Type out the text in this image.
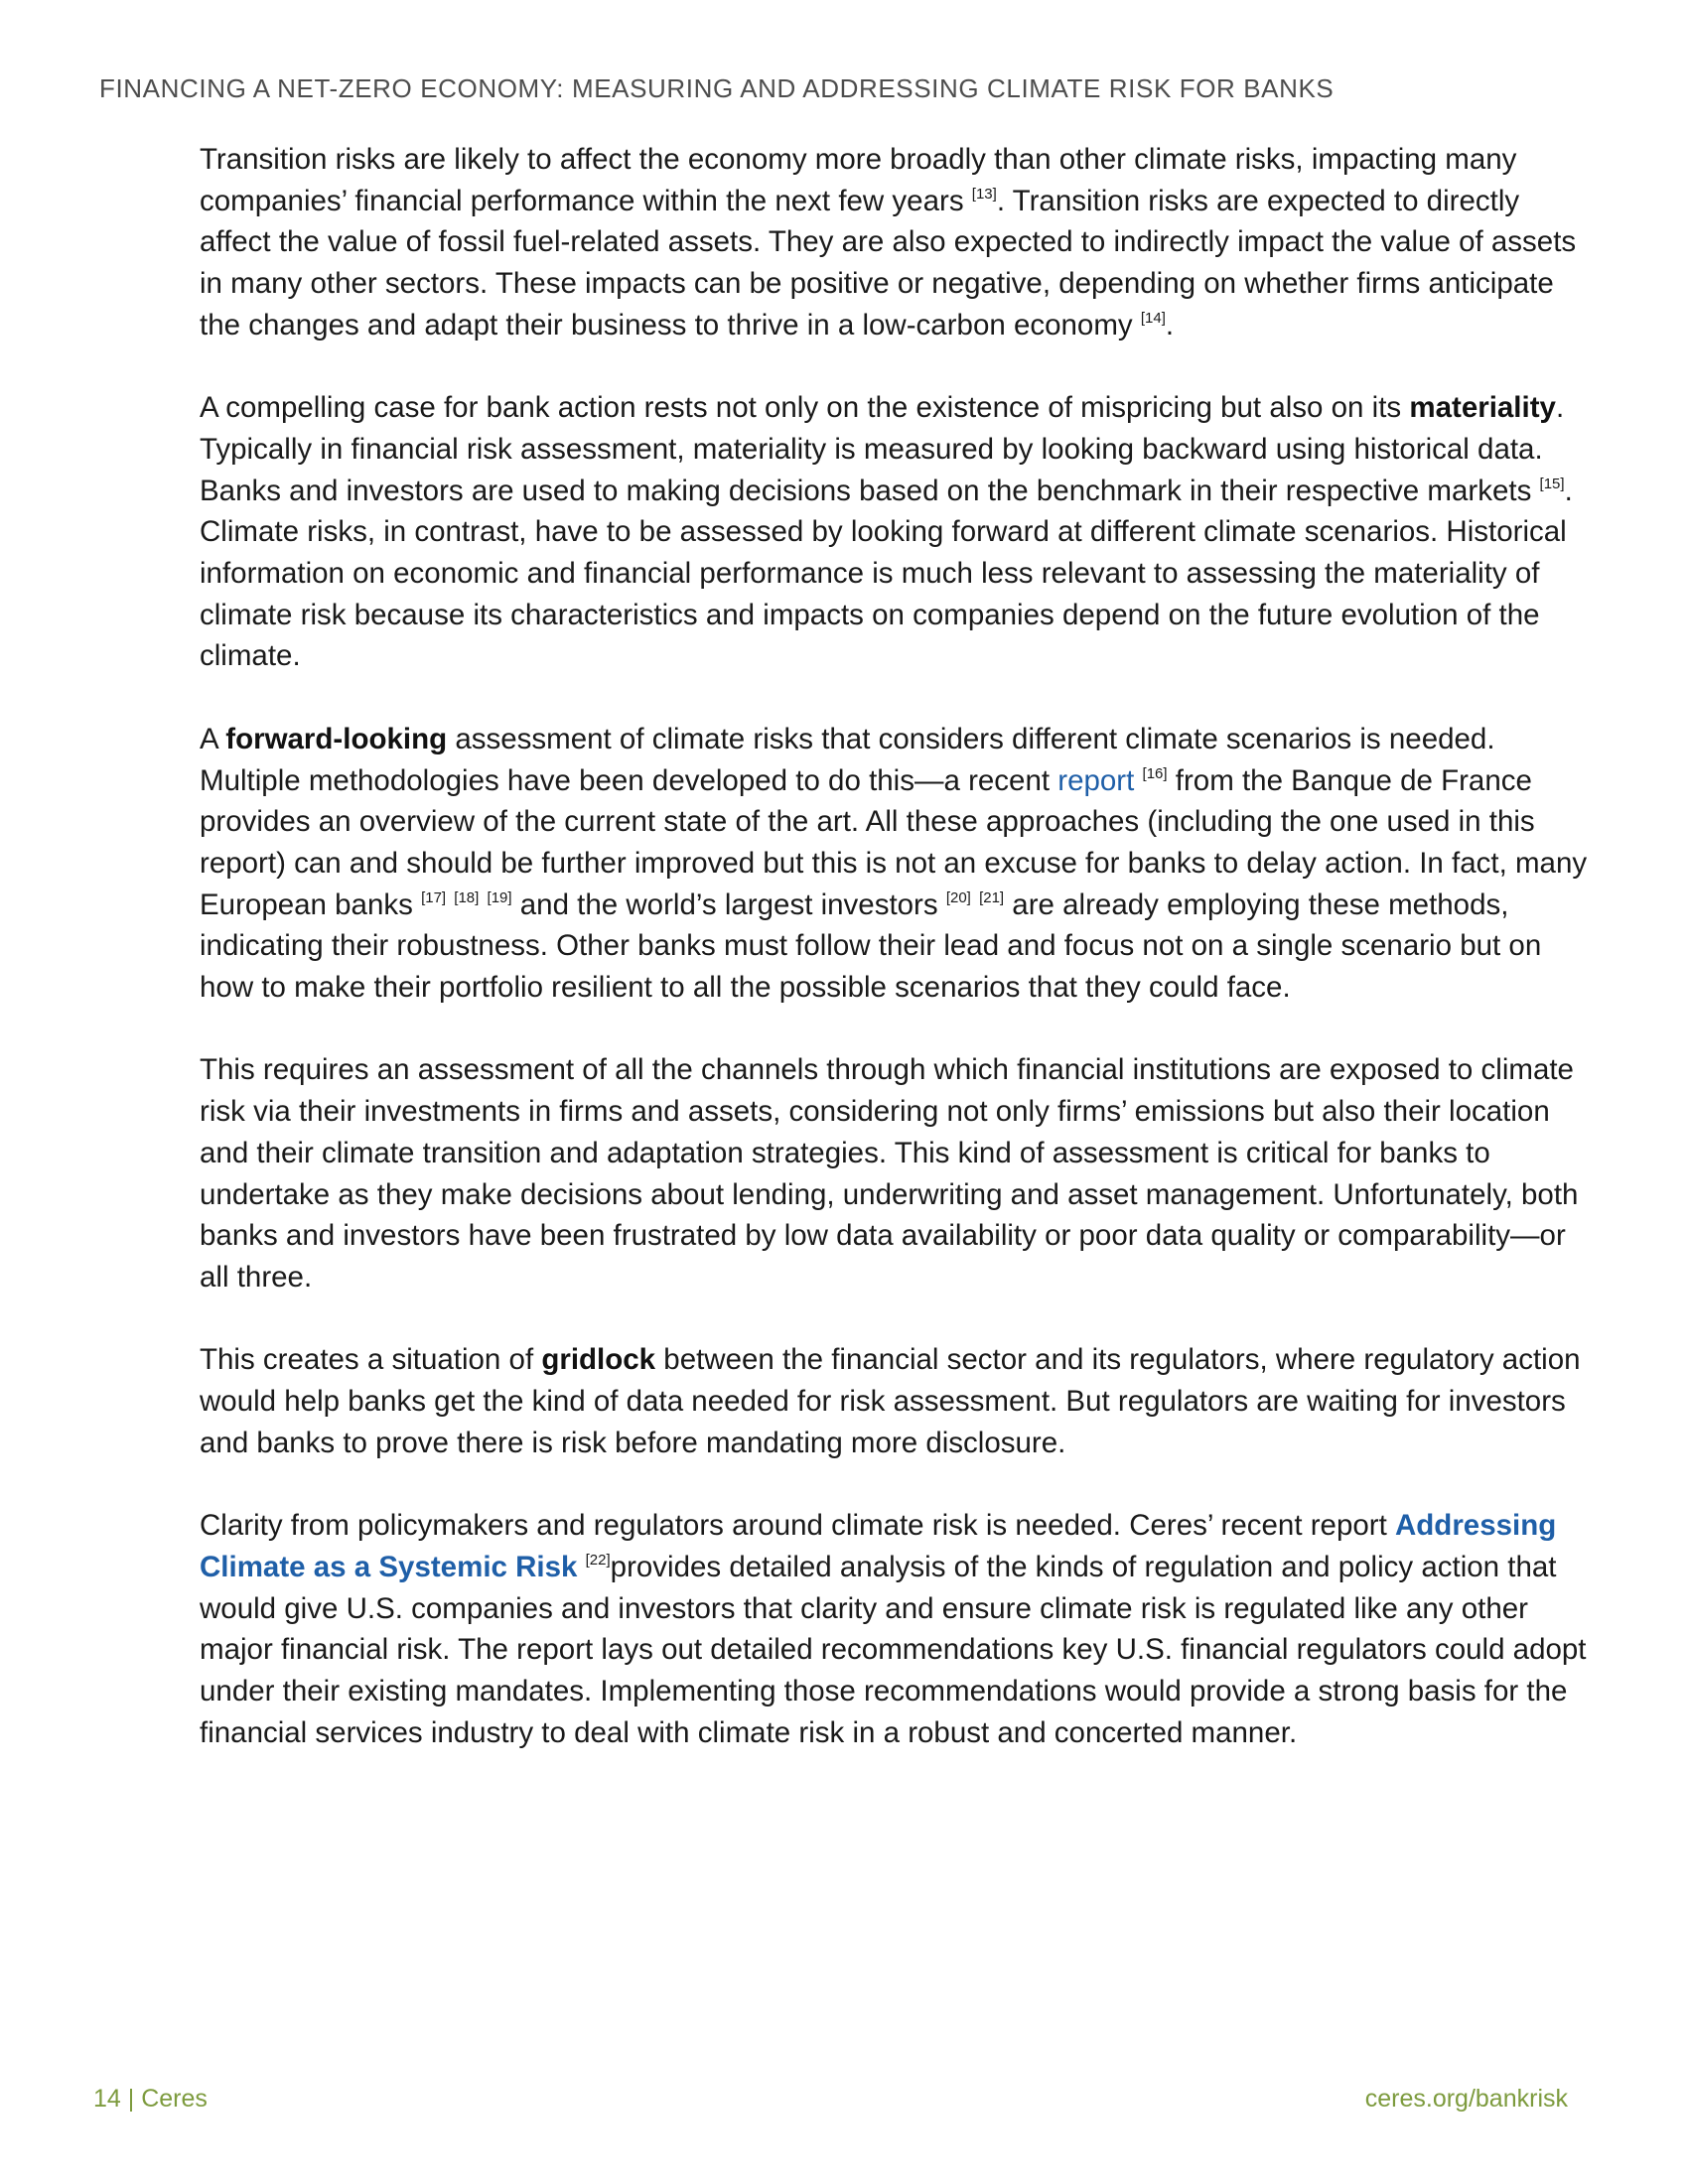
FINANCING A NET-ZERO ECONOMY: MEASURING AND ADDRESSING CLIMATE RISK FOR BANKS

Transition risks are likely to affect the economy more broadly than other climate risks, impacting many companies’ financial performance within the next few years [13]. Transition risks are expected to directly affect the value of fossil fuel-related assets. They are also expected to indirectly impact the value of assets in many other sectors. These impacts can be positive or negative, depending on whether firms anticipate the changes and adapt their business to thrive in a low-carbon economy [14].

A compelling case for bank action rests not only on the existence of mispricing but also on its materiality. Typically in financial risk assessment, materiality is measured by looking backward using historical data. Banks and investors are used to making decisions based on the benchmark in their respective markets [15]. Climate risks, in contrast, have to be assessed by looking forward at different climate scenarios. Historical information on economic and financial performance is much less relevant to assessing the materiality of climate risk because its characteristics and impacts on companies depend on the future evolution of the climate.

A forward-looking assessment of climate risks that considers different climate scenarios is needed. Multiple methodologies have been developed to do this—a recent report [16] from the Banque de France provides an overview of the current state of the art. All these approaches (including the one used in this report) can and should be further improved but this is not an excuse for banks to delay action. In fact, many European banks [17] [18] [19] and the world’s largest investors [20] [21] are already employing these methods, indicating their robustness. Other banks must follow their lead and focus not on a single scenario but on how to make their portfolio resilient to all the possible scenarios that they could face.

This requires an assessment of all the channels through which financial institutions are exposed to climate risk via their investments in firms and assets, considering not only firms’ emissions but also their location and their climate transition and adaptation strategies. This kind of assessment is critical for banks to undertake as they make decisions about lending, underwriting and asset management. Unfortunately, both banks and investors have been frustrated by low data availability or poor data quality or comparability—or all three.

This creates a situation of gridlock between the financial sector and its regulators, where regulatory action would help banks get the kind of data needed for risk assessment. But regulators are waiting for investors and banks to prove there is risk before mandating more disclosure.

Clarity from policymakers and regulators around climate risk is needed. Ceres’ recent report Addressing Climate as a Systemic Risk [22]provides detailed analysis of the kinds of regulation and policy action that would give U.S. companies and investors that clarity and ensure climate risk is regulated like any other major financial risk. The report lays out detailed recommendations key U.S. financial regulators could adopt under their existing mandates. Implementing those recommendations would provide a strong basis for the financial services industry to deal with climate risk in a robust and concerted manner.

14 | Ceres	ceres.org/bankrisk
